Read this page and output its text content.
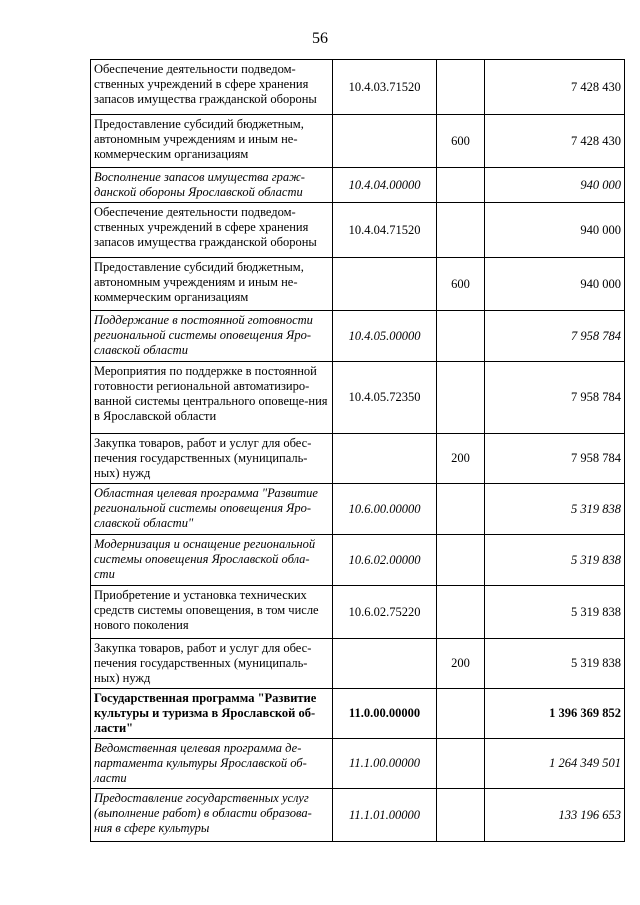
56
Обеспечение деятельности подведом-ственных учреждений в сфере хранения запасов имущества гражданской обороны	10.4.03.71520		7 428 430
Предоставление субсидий бюджетным, автономным учреждениям и иным не-коммерческим организациям		600	7 428 430
Восполнение запасов имущества граж-данской обороны Ярославской области	10.4.04.00000		940 000
Обеспечение деятельности подведом-ственных учреждений в сфере хранения запасов имущества гражданской обороны	10.4.04.71520		940 000
Предоставление субсидий бюджетным, автономным учреждениям и иным не-коммерческим организациям		600	940 000
Поддержание в постоянной готовности региональной системы оповещения Яро-славской области	10.4.05.00000		7 958 784
Мероприятия по поддержке в постоянной готовности региональной автоматизиро-ванной системы центрального оповеще-ния в Ярославской области	10.4.05.72350		7 958 784
Закупка товаров, работ и услуг для обес-печения государственных (муниципаль-ных) нужд		200	7 958 784
Областная целевая программа "Развитие региональной системы оповещения Яро-славской области"	10.6.00.00000		5 319 838
Модернизация и оснащение региональной системы оповещения Ярославской обла-сти	10.6.02.00000		5 319 838
Приобретение и установка технических средств системы оповещения, в том числе нового поколения	10.6.02.75220		5 319 838
Закупка товаров, работ и услуг для обес-печения государственных (муниципаль-ных) нужд		200	5 319 838
Государственная программа "Развитие культуры и туризма в Ярославской об-ласти"	11.0.00.00000		1 396 369 852
Ведомственная целевая программа де-партамента культуры Ярославской об-ласти	11.1.00.00000		1 264 349 501
Предоставление государственных услуг (выполнение работ) в области образова-ния в сфере культуры	11.1.01.00000		133 196 653
